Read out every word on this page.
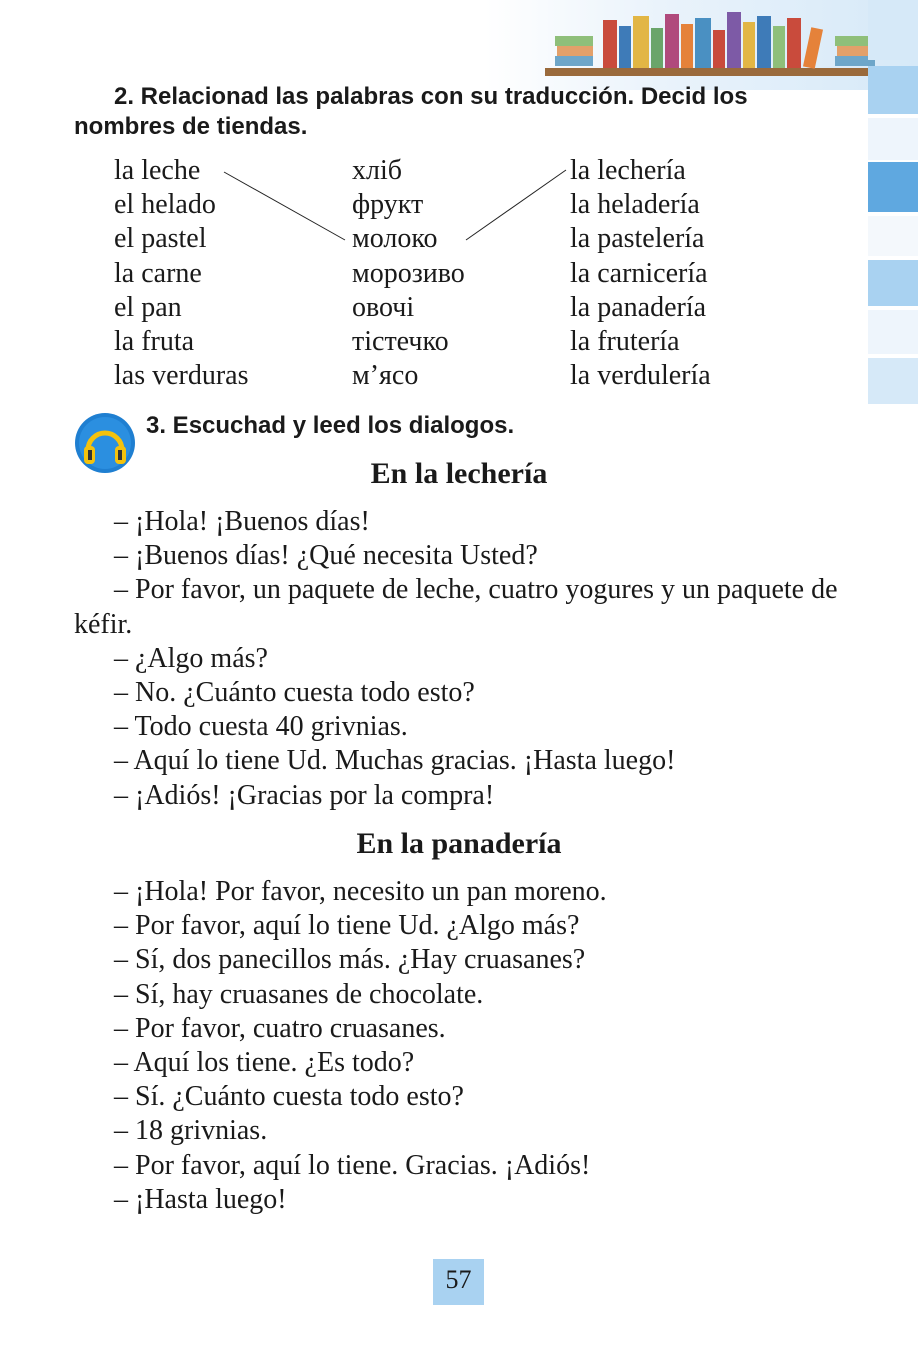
2. Relacionad las palabras con su traducción. Decid los nombres de tiendas.
la leche
el helado
el pastel
la carne
el pan
la fruta
las verduras
хліб
фрукт
молоко
морозиво
овочі
тістечко
м’ясо
la lechería
la heladería
la pastelería
la carnicería
la panadería
la frutería
la verdulería
3. Escuchad y leed los dialogos.
En la lechería
– ¡Hola! ¡Buenos días!
– ¡Buenos días! ¿Qué necesita Usted?
– Por favor, un paquete de leche, cuatro yogures y un paquete de kéfir.
– ¿Algo más?
– No. ¿Cuánto cuesta todo esto?
– Todo cuesta 40 grivnias.
– Aquí lo tiene Ud. Muchas gracias. ¡Hasta luego!
– ¡Adiós! ¡Gracias por la compra!
En la panadería
– ¡Hola! Por favor, necesito un pan moreno.
– Por favor, aquí lo tiene Ud. ¿Algo más?
– Sí, dos panecillos más. ¿Hay cruasanes?
– Sí, hay cruasanes de chocolate.
– Por favor, cuatro cruasanes.
– Aquí los tiene. ¿Es todo?
– Sí. ¿Cuánto cuesta todo esto?
– 18 grivnias.
– Por favor, aquí lo tiene. Gracias. ¡Adiós!
– ¡Hasta luego!
57
